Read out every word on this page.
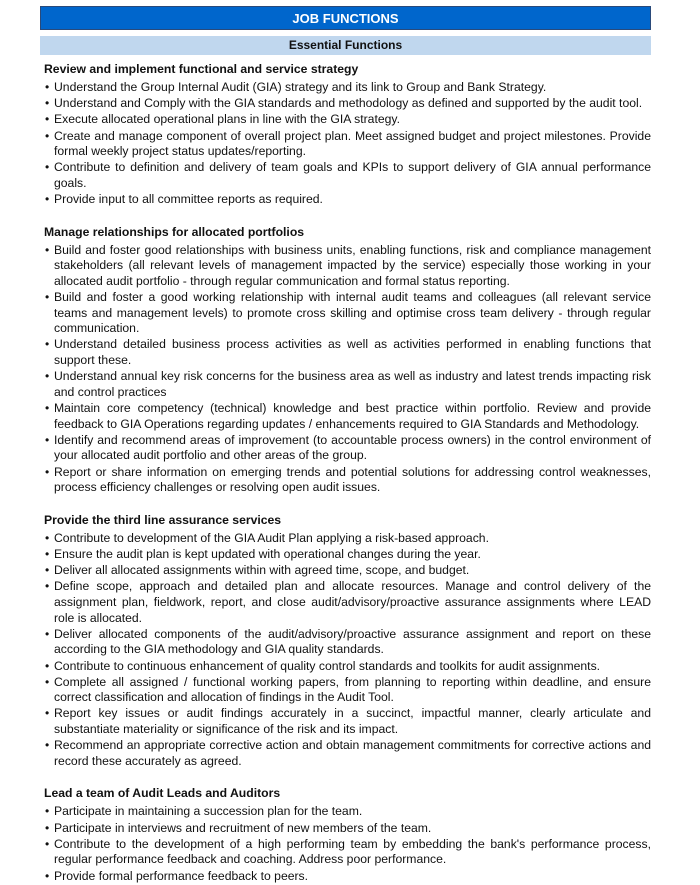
JOB FUNCTIONS
Essential Functions
Review and implement functional and service strategy
• Understand the Group Internal Audit (GIA) strategy and its link to Group and Bank Strategy.
• Understand and Comply with the GIA standards and methodology as defined and supported by the audit tool.
• Execute allocated operational plans in line with the GIA strategy.
• Create and manage component of overall project plan. Meet assigned budget and project milestones. Provide formal weekly project status updates/reporting.
• Contribute to definition and delivery of team goals and KPIs to support delivery of GIA annual performance goals.
• Provide input to all committee reports as required.
Manage relationships for allocated portfolios
• Build and foster good relationships with business units, enabling functions, risk and compliance management stakeholders (all relevant levels of management impacted by the service) especially those working in your allocated audit portfolio - through regular communication and formal status reporting.
• Build and foster a good working relationship with internal audit teams and colleagues (all relevant service teams and management levels) to promote cross skilling and optimise cross team delivery - through regular communication.
• Understand detailed business process activities as well as activities performed in enabling functions that support these.
• Understand annual key risk concerns for the business area as well as industry and latest trends impacting risk and control practices
• Maintain core competency (technical) knowledge and best practice within portfolio. Review and provide feedback to GIA Operations regarding updates / enhancements required to GIA Standards and Methodology.
• Identify and recommend areas of improvement (to accountable process owners) in the control environment of your allocated audit portfolio and other areas of the group.
• Report or share information on emerging trends and potential solutions for addressing control weaknesses, process efficiency challenges or resolving open audit issues.
Provide the third line assurance services
• Contribute to development of the GIA Audit Plan applying a risk-based approach.
• Ensure the audit plan is kept updated with operational changes during the year.
• Deliver all allocated assignments within with agreed time, scope, and budget.
• Define scope, approach and detailed plan and allocate resources. Manage and control delivery of the assignment plan, fieldwork, report, and close audit/advisory/proactive assurance assignments where LEAD role is allocated.
• Deliver allocated components of the audit/advisory/proactive assurance assignment and report on these according to the GIA methodology and GIA quality standards.
• Contribute to continuous enhancement of quality control standards and toolkits for audit assignments.
• Complete all assigned / functional working papers, from planning to reporting within deadline, and ensure correct classification and allocation of findings in the Audit Tool.
• Report key issues or audit findings accurately in a succinct, impactful manner, clearly articulate and substantiate materiality or significance of the risk and its impact.
• Recommend an appropriate corrective action and obtain management commitments for corrective actions and record these accurately as agreed.
Lead a team of Audit Leads and Auditors
• Participate in maintaining a succession plan for the team.
• Participate in interviews and recruitment of new members of the team.
• Contribute to the development of a high performing team by embedding the bank's performance process, regular performance feedback and coaching. Address poor performance.
• Provide formal performance feedback to peers.
